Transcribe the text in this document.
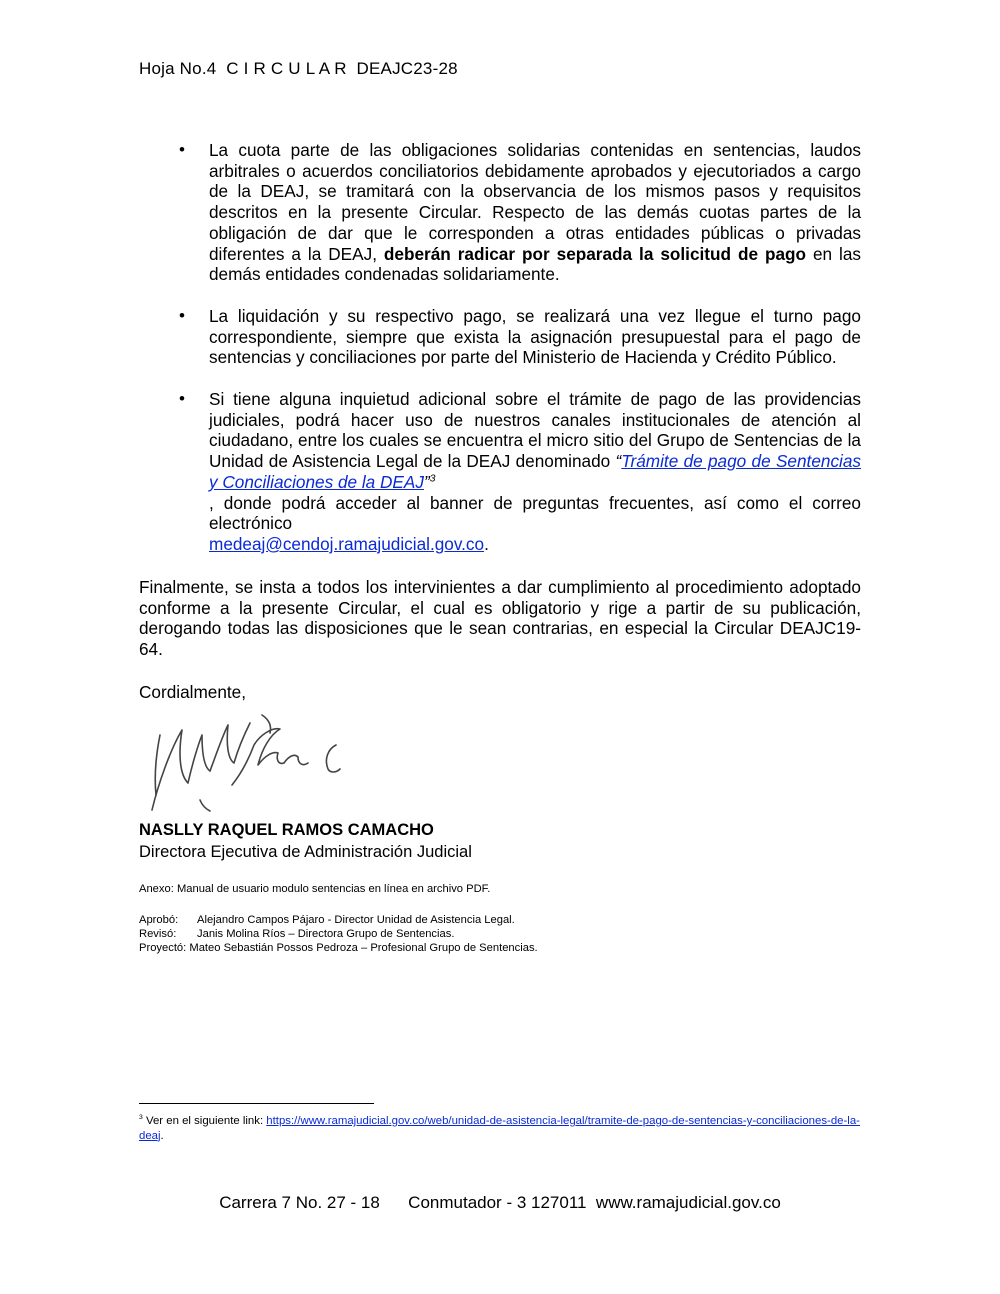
Hoja No.4  C I R C U L A R  DEAJC23-28
• La cuota parte de las obligaciones solidarias contenidas en sentencias, laudos arbitrales o acuerdos conciliatorios debidamente aprobados y ejecutoriados a cargo de la DEAJ, se tramitará con la observancia de los mismos pasos y requisitos descritos en la presente Circular. Respecto de las demás cuotas partes de la obligación de dar que le corresponden a otras entidades públicas o privadas diferentes a la DEAJ, deberán radicar por separada la solicitud de pago en las demás entidades condenadas solidariamente.
• La liquidación y su respectivo pago, se realizará una vez llegue el turno pago correspondiente, siempre que exista la asignación presupuestal para el pago de sentencias y conciliaciones por parte del Ministerio de Hacienda y Crédito Público.
• Si tiene alguna inquietud adicional sobre el trámite de pago de las providencias judiciales, podrá hacer uso de nuestros canales institucionales de atención al ciudadano, entre los cuales se encuentra el micro sitio del Grupo de Sentencias de la Unidad de Asistencia Legal de la DEAJ denominado “Trámite de pago de Sentencias y Conciliaciones de la DEAJ”$^3$
, donde podrá acceder al banner de preguntas frecuentes, así como el correo electrónico
medeaj@cendoj.ramajudicial.gov.co.

Finalmente, se insta a todos los intervinientes a dar cumplimiento al procedimiento adoptado conforme a la presente Circular, el cual es obligatorio y rige a partir de su publicación, derogando todas las disposiciones que le sean contrarias, en especial la Circular DEAJC19-64.

Cordialmente,

NASLLY RAQUEL RAMOS CAMACHO
Directora Ejecutiva de Administración Judicial
Anexo: Manual de usuario modulo sentencias en línea en archivo PDF.
Aprobó: Alejandro Campos Pájaro - Director Unidad de Asistencia Legal.
Revisó: Janis Molina Ríos – Directora Grupo de Sentencias.
Proyectó: Mateo Sebastián Possos Pedroza – Profesional Grupo de Sentencias.
$^3$ Ver en el siguiente link: https://www.ramajudicial.gov.co/web/unidad-de-asistencia-legal/tramite-de-pago-de-sentencias-y-conciliaciones-de-la-deaj.
Carrera 7 No. 27 - 18      Conmutador - 3 127011  www.ramajudicial.gov.co
